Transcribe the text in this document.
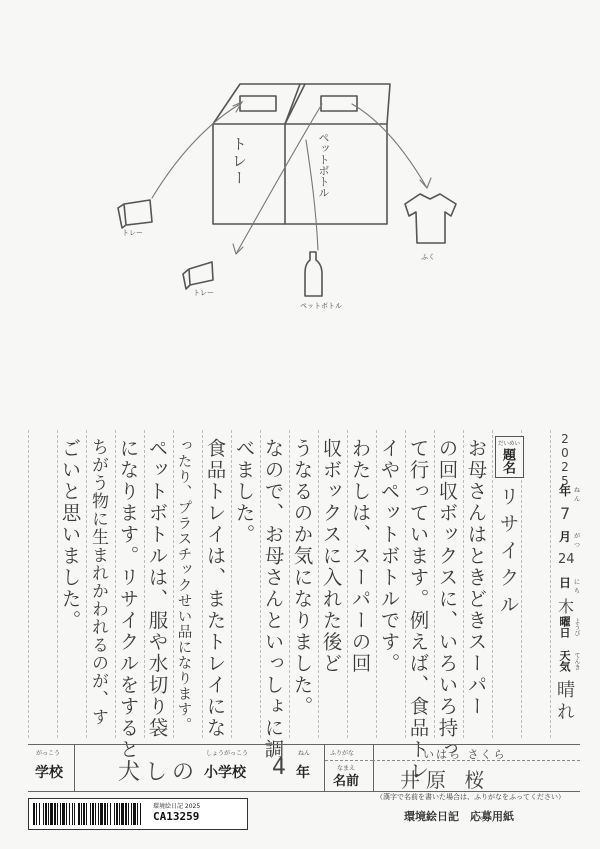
トレー	ペットボトル
トレー
トレー
ペットボトル
ふく
お母さんはときどきスーパー
の回収ボックスに、いろいろ持っ
て行っています。例えば、食品トレ
イやペットボトルです。
わたしは、スーパーの回
収ボックスに入れた後ど
うなるのか気になりました。
なので、お母さんといっしょに調
べました。
食品トレイは、またトレイにな
ったり、プラスチックせい品になります。
ペットボトルは、服や水切り袋
になります。リサイクルをすると、
ちがう物に生まれかわれるのが、す
ごいと思いました。	だいめい
題名
リサイクル
2025
年 ねん
7
月 がつ
24
日 にち
木
曜日 ようび
天気 てんき
晴れ
がっこう
学校	大しの
しょうがっこう
小学校 4
ねん
年
ふりがな
なまえ
名前
いはら さくら
井原 桜
（漢字で名前を書いた場合は、ふりがなをふってください）
環境絵日記 2025
CA13259	環境絵日記　応募用紙
